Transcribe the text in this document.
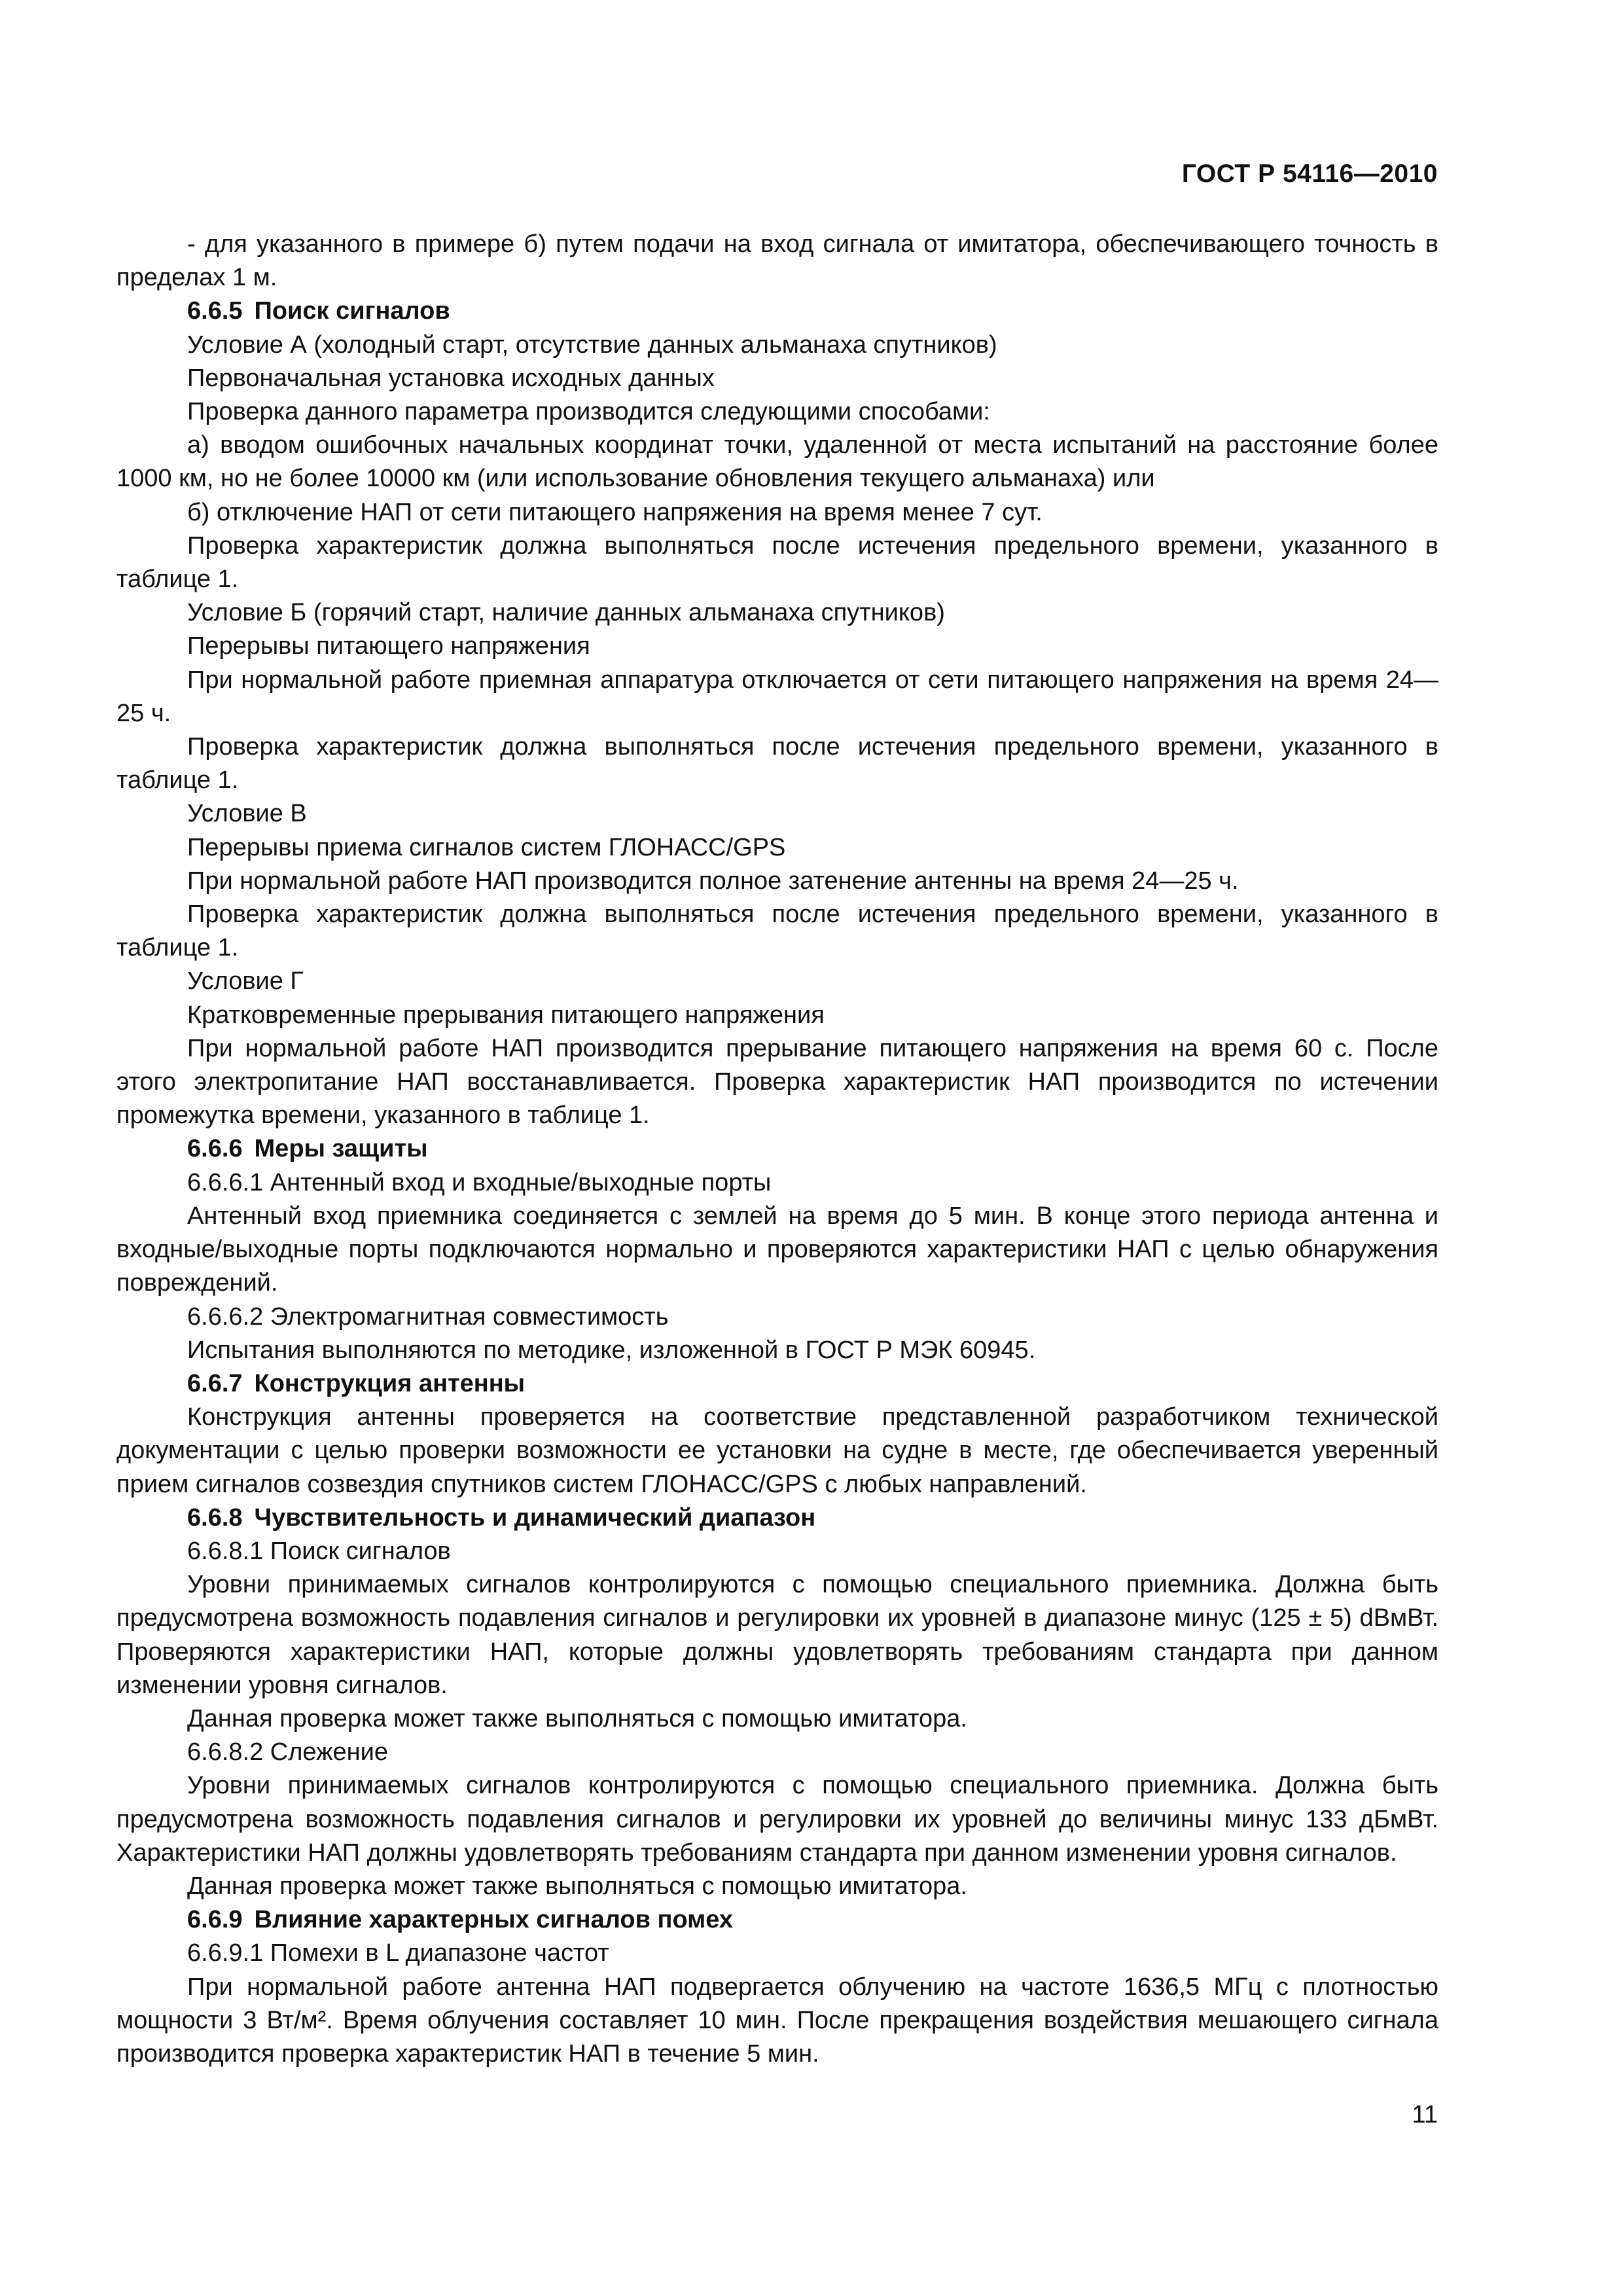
ГОСТ Р 54116—2010

- для указанного в примере б) путем подачи на вход сигнала от имитатора, обеспечивающего точность в пределах 1 м.

6.6.5 Поиск сигналов

Условие А (холодный старт, отсутствие данных альманаха спутников)

Первоначальная установка исходных данных

Проверка данного параметра производится следующими способами:

а) вводом ошибочных начальных координат точки, удаленной от места испытаний на расстояние более 1000 км, но не более 10000 км (или использование обновления текущего альманаха) или

б) отключение НАП от сети питающего напряжения на время менее 7 сут.

Проверка характеристик должна выполняться после истечения предельного времени, указанного в таблице 1.

Условие Б (горячий старт, наличие данных альманаха спутников)

Перерывы питающего напряжения

При нормальной работе приемная аппаратура отключается от сети питающего напряжения на время 24—25 ч.

Проверка характеристик должна выполняться после истечения предельного времени, указанного в таблице 1.

Условие В

Перерывы приема сигналов систем ГЛОНАСС/GPS

При нормальной работе НАП производится полное затенение антенны на время 24—25 ч.

Проверка характеристик должна выполняться после истечения предельного времени, указанного в таблице 1.

Условие Г

Кратковременные прерывания питающего напряжения

При нормальной работе НАП производится прерывание питающего напряжения на время 60 с. После этого электропитание НАП восстанавливается. Проверка характеристик НАП производится по истечении промежутка времени, указанного в таблице 1.

6.6.6 Меры защиты

6.6.6.1 Антенный вход и входные/выходные порты

Антенный вход приемника соединяется с землей на время до 5 мин. В конце этого периода антенна и входные/выходные порты подключаются нормально и проверяются характеристики НАП с целью обнаружения повреждений.

6.6.6.2 Электромагнитная совместимость

Испытания выполняются по методике, изложенной в ГОСТ Р МЭК 60945.

6.6.7 Конструкция антенны

Конструкция антенны проверяется на соответствие представленной разработчиком технической документации с целью проверки возможности ее установки на судне в месте, где обеспечивается уверенный прием сигналов созвездия спутников систем ГЛОНАСС/GPS с любых направлений.

6.6.8 Чувствительность и динамический диапазон

6.6.8.1 Поиск сигналов

Уровни принимаемых сигналов контролируются с помощью специального приемника. Должна быть предусмотрена возможность подавления сигналов и регулировки их уровней в диапазоне минус (125 ± 5) dBмВт. Проверяются характеристики НАП, которые должны удовлетворять требованиям стандарта при данном изменении уровня сигналов.

Данная проверка может также выполняться с помощью имитатора.

6.6.8.2 Слежение

Уровни принимаемых сигналов контролируются с помощью специального приемника. Должна быть предусмотрена возможность подавления сигналов и регулировки их уровней до величины минус 133 дБмВт. Характеристики НАП должны удовлетворять требованиям стандарта при данном изменении уровня сигналов.

Данная проверка может также выполняться с помощью имитатора.

6.6.9 Влияние характерных сигналов помех

6.6.9.1 Помехи в L диапазоне частот

При нормальной работе антенна НАП подвергается облучению на частоте 1636,5 МГц с плотностью мощности 3 Вт/м². Время облучения составляет 10 мин. После прекращения воздействия мешающего сигнала производится проверка характеристик НАП в течение 5 мин.

11
